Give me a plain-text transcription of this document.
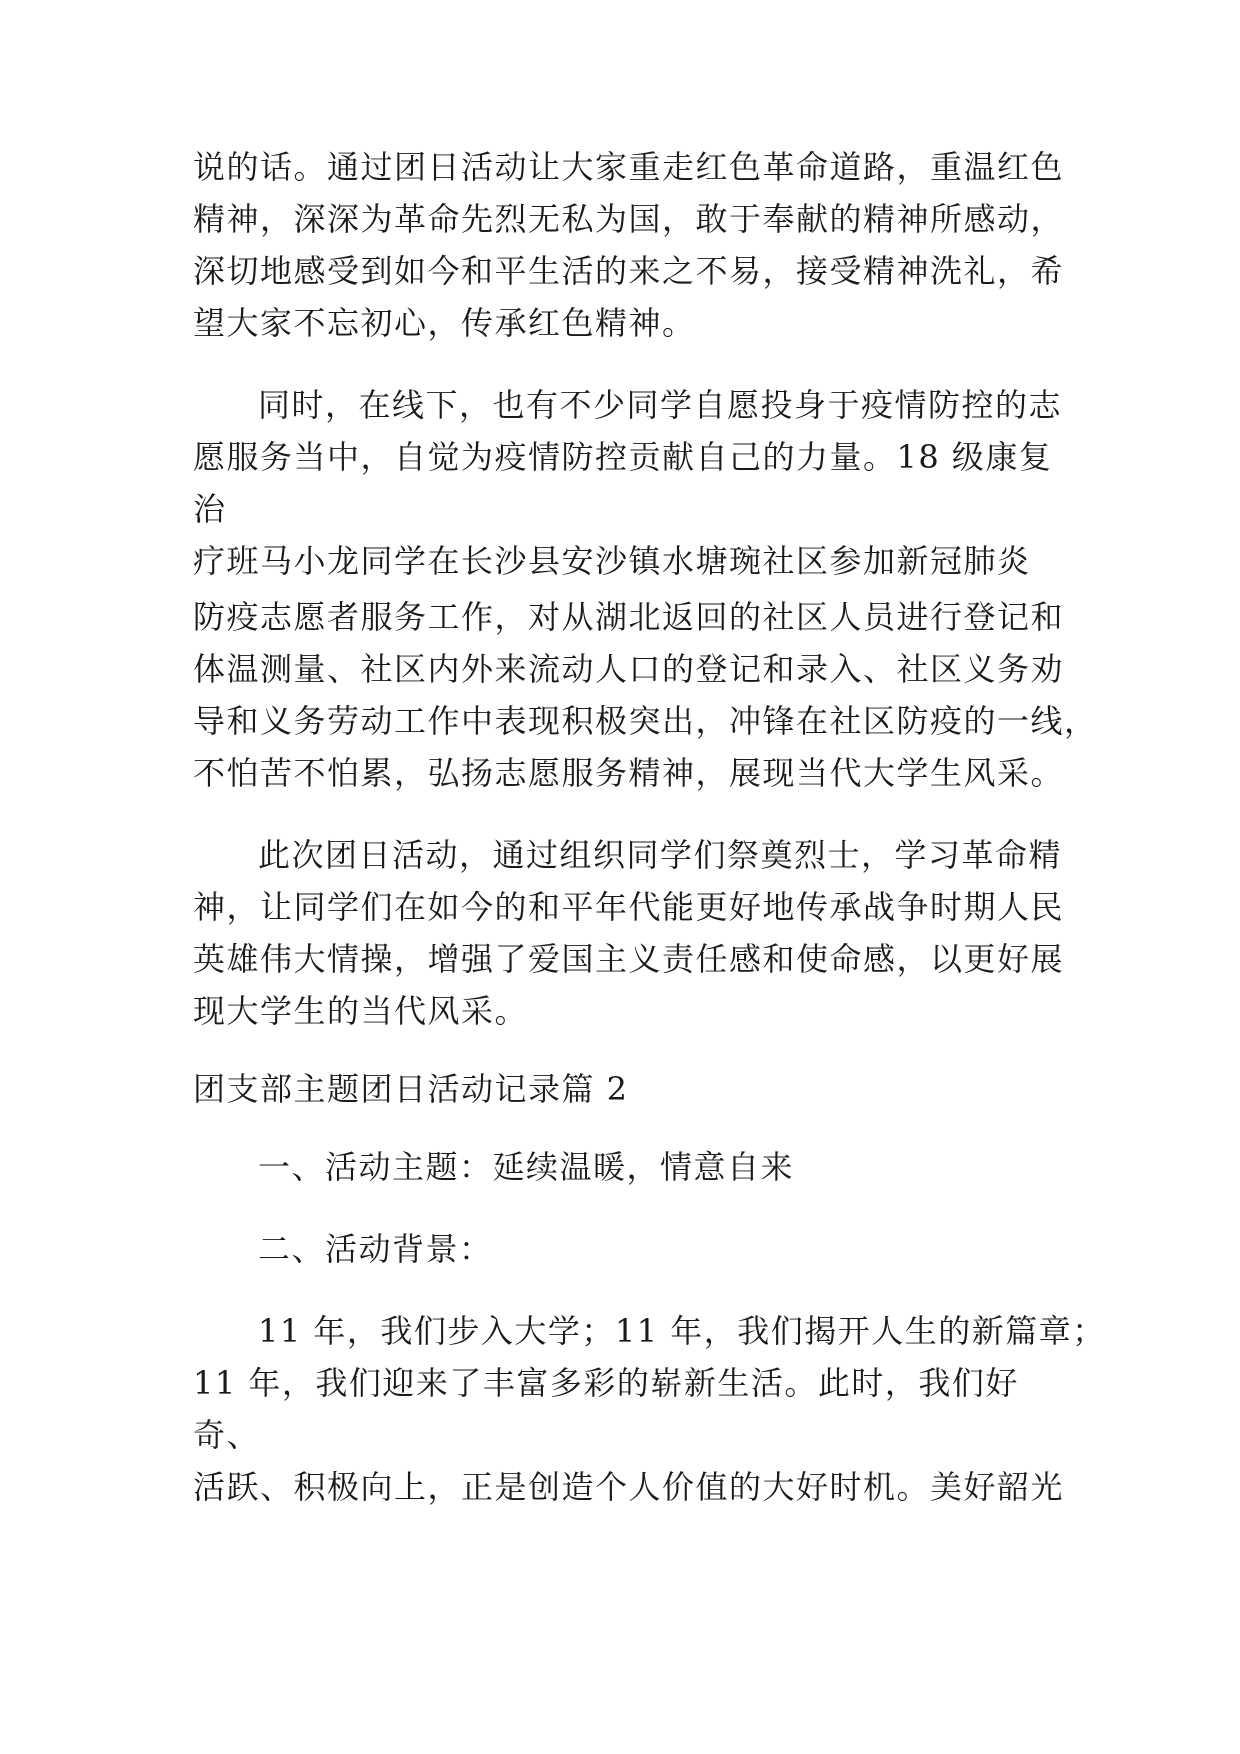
说的话。通过团日活动让大家重走红色革命道路，重温红色
精神，深深为革命先烈无私为国，敢于奉献的精神所感动，
深切地感受到如今和平生活的来之不易，接受精神洗礼，希
望大家不忘初心，传承红色精神。
同时，在线下，也有不少同学自愿投身于疫情防控的志
愿服务当中，自觉为疫情防控贡献自己的力量。18 级康复
治
疗班马小龙同学在长沙县安沙镇水塘琬社区参加新冠肺炎
防疫志愿者服务工作，对从湖北返回的社区人员进行登记和
体温测量、社区内外来流动人口的登记和录入、社区义务劝
导和义务劳动工作中表现积极突出，冲锋在社区防疫的一线，
不怕苦不怕累，弘扬志愿服务精神，展现当代大学生风采。
此次团日活动，通过组织同学们祭奠烈士，学习革命精
神，让同学们在如今的和平年代能更好地传承战争时期人民
英雄伟大情操，增强了爱国主义责任感和使命感，以更好展
现大学生的当代风采。
团支部主题团日活动记录篇 2
一、活动主题：延续温暖，情意自来
二、活动背景：
11 年，我们步入大学；11 年，我们揭开人生的新篇章；
11 年，我们迎来了丰富多彩的崭新生活。此时，我们好
奇、
活跃、积极向上，正是创造个人价值的大好时机。美好韶光
